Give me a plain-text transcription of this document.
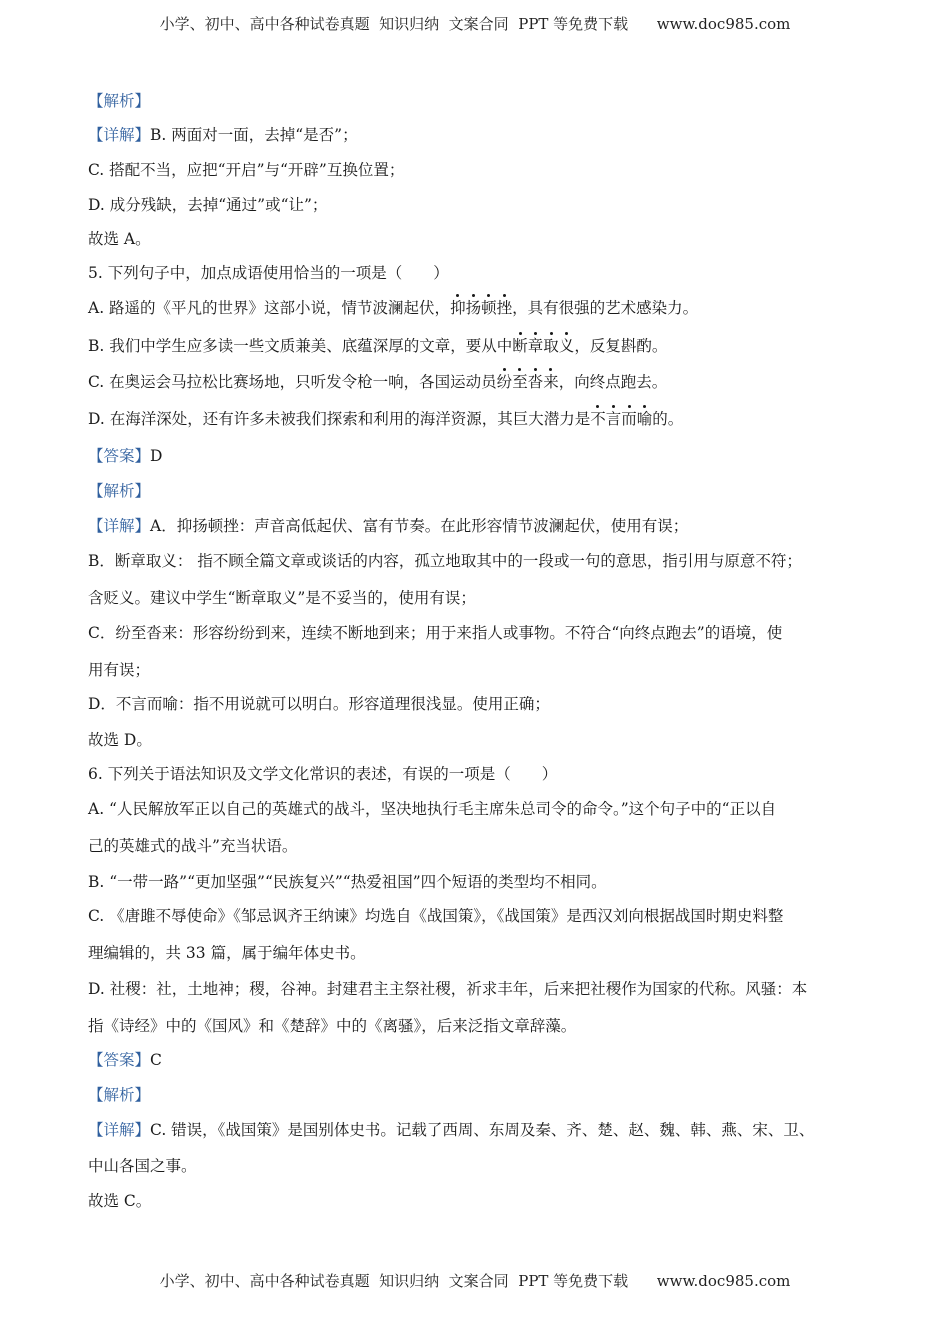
小学、初中、高中各种试卷真题  知识归纳  文案合同  PPT 等免费下载      www.doc985.com
【解析】
【详解】B. 两面对一面，去掉“是否”；
C. 搭配不当，应把“开启”与“开辟”互换位置；
D. 成分残缺，去掉“通过”或“让”；
故选 A。
5. 下列句子中，加点成语使用恰当的一项是（　　）
A. 路遥的《平凡的世界》这部小说，情节波澜起伏，抑扬顿挫，具有很强的艺术感染力。
B. 我们中学生应多读一些文质兼美、底蕴深厚的文章，要从中断章取义，反复斟酌。
C. 在奥运会马拉松比赛场地，只听发令枪一响，各国运动员纷至沓来，向终点跑去。
D. 在海洋深处，还有许多未被我们探索和利用的海洋资源，其巨大潜力是不言而喻的。
【答案】D
【解析】
【详解】A．抑扬顿挫：声音高低起伏、富有节奏。在此形容情节波澜起伏，使用有误；
B．断章取义： 指不顾全篇文章或谈话的内容，孤立地取其中的一段或一句的意思，指引用与原意不符；
含贬义。建议中学生“断章取义”是不妥当的，使用有误；
C．纷至沓来：形容纷纷到来，连续不断地到来；用于来指人或事物。不符合“向终点跑去”的语境，使
用有误；
D．不言而喻：指不用说就可以明白。形容道理很浅显。使用正确；
故选 D。
6. 下列关于语法知识及文学文化常识的表述，有误的一项是（　　）
A. “人民解放军正以自己的英雄式的战斗，坚决地执行毛主席朱总司令的命令。”这个句子中的“正以自
己的英雄式的战斗”充当状语。
B. “一带一路”“更加坚强”“民族复兴”“热爱祖国”四个短语的类型均不相同。
C. 《唐雎不辱使命》《邹忌讽齐王纳谏》均选自《战国策》，《战国策》是西汉刘向根据战国时期史料整
理编辑的，共 33 篇，属于编年体史书。
D. 社稷：社，土地神；稷，谷神。封建君主主祭社稷，祈求丰年，后来把社稷作为国家的代称。风骚：本
指《诗经》中的《国风》和《楚辞》中的《离骚》，后来泛指文章辞藻。
【答案】C
【解析】
【详解】C. 错误，《战国策》是国别体史书。记载了西周、东周及秦、齐、楚、赵、魏、韩、燕、宋、卫、
中山各国之事。
故选 C。
小学、初中、高中各种试卷真题  知识归纳  文案合同  PPT 等免费下载      www.doc985.com
